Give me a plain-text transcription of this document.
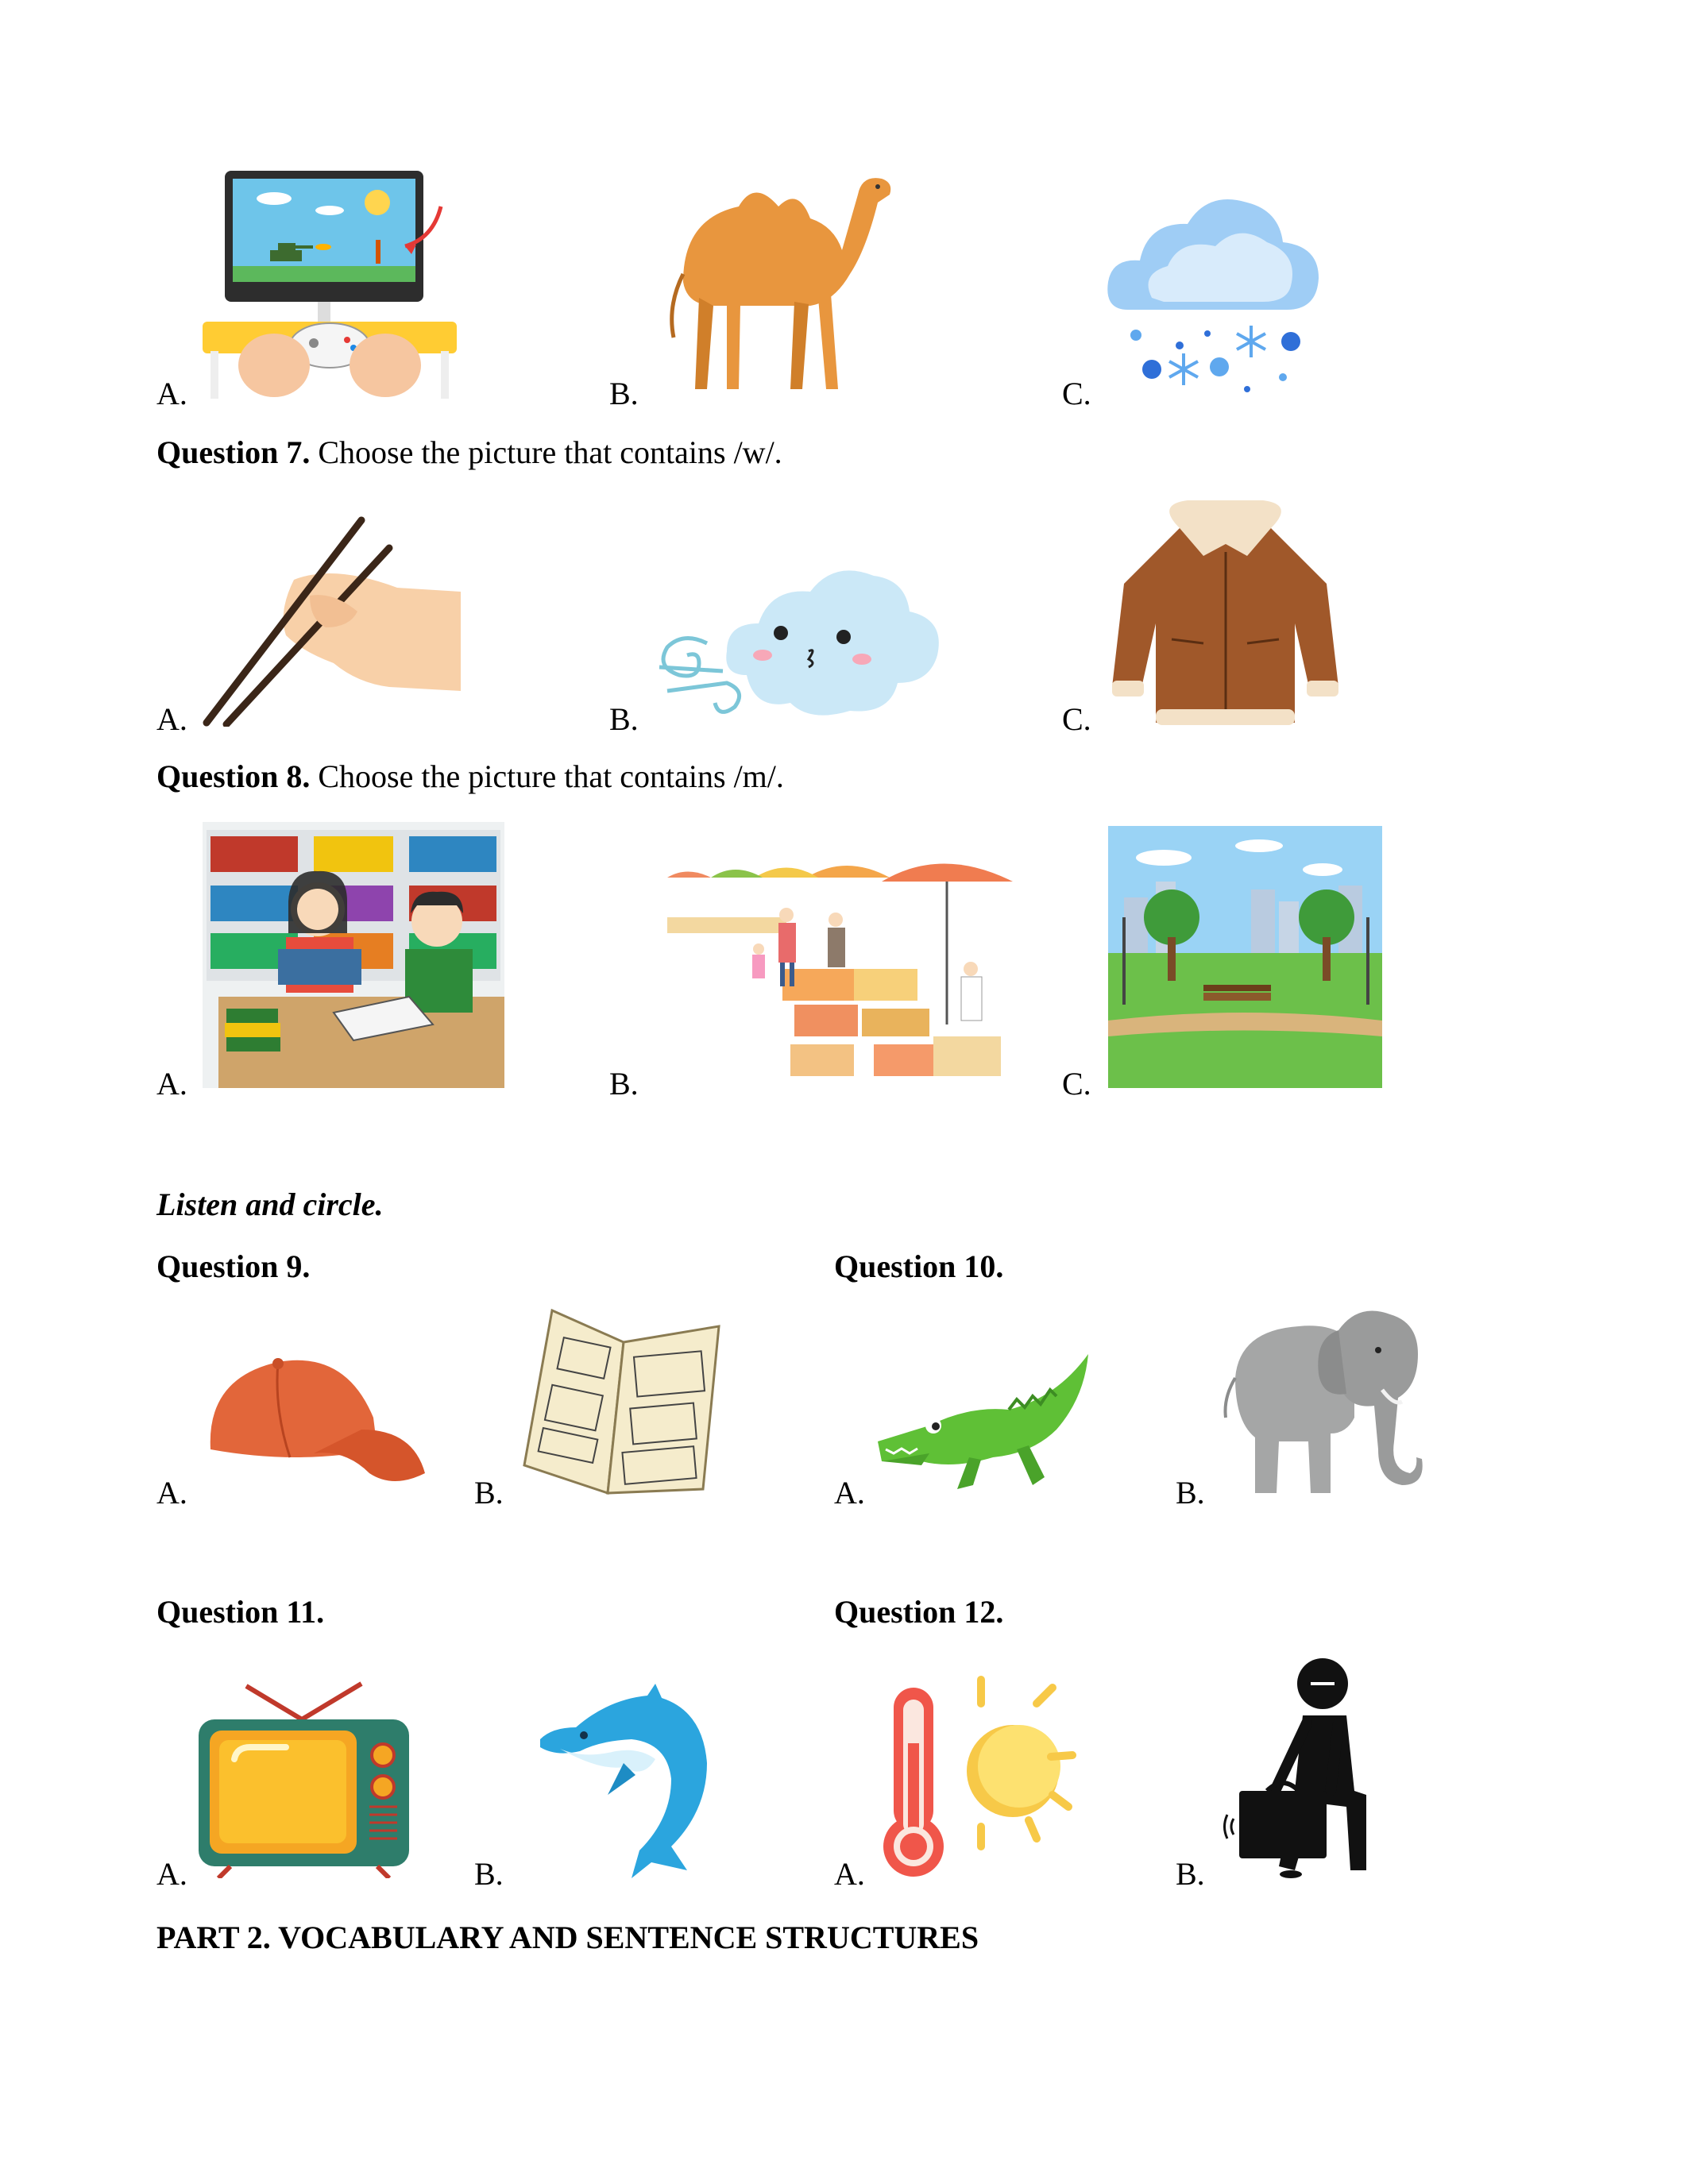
A.	B.	C.
Question 7. Choose the picture that contains /w/.
A.	B.	C.
Question 8. Choose the picture that contains /m/.
A.	B.	C.
Listen and circle.
Question 9.	Question 10.
A.	B.	A.	B.
Question 11.	Question 12.
A.	B.	A.	B.
PART 2. VOCABULARY AND SENTENCE STRUCTURES
